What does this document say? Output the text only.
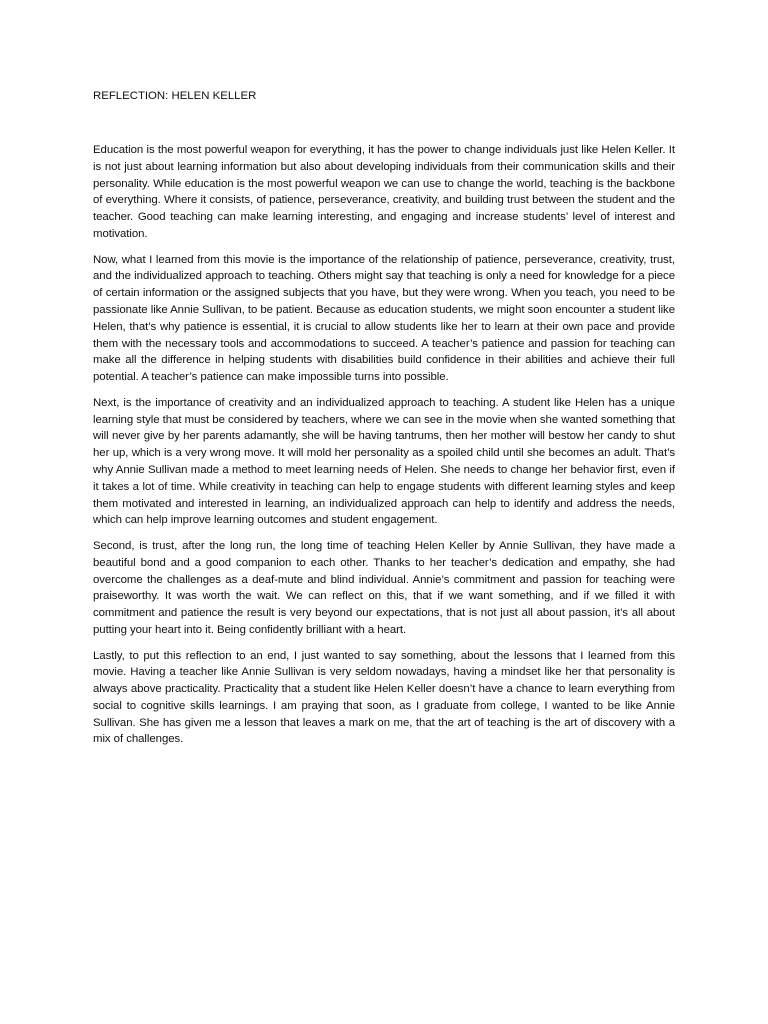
REFLECTION: HELEN KELLER

Education is the most powerful weapon for everything, it has the power to change individuals just like Helen Keller. It is not just about learning information but also about developing individuals from their communication skills and their personality. While education is the most powerful weapon we can use to change the world, teaching is the backbone of everything. Where it consists, of patience, perseverance, creativity, and building trust between the student and the teacher. Good teaching can make learning interesting, and engaging and increase students’ level of interest and motivation.

Now, what I learned from this movie is the importance of the relationship of patience, perseverance, creativity, trust, and the individualized approach to teaching. Others might say that teaching is only a need for knowledge for a piece of certain information or the assigned subjects that you have, but they were wrong. When you teach, you need to be passionate like Annie Sullivan, to be patient. Because as education students, we might soon encounter a student like Helen, that’s why patience is essential, it is crucial to allow students like her to learn at their own pace and provide them with the necessary tools and accommodations to succeed. A teacher’s patience and passion for teaching can make all the difference in helping students with disabilities build confidence in their abilities and achieve their full potential. A teacher’s patience can make impossible turns into possible.

Next, is the importance of creativity and an individualized approach to teaching. A student like Helen has a unique learning style that must be considered by teachers, where we can see in the movie when she wanted something that will never give by her parents adamantly, she will be having tantrums, then her mother will bestow her candy to shut her up, which is a very wrong move. It will mold her personality as a spoiled child until she becomes an adult. That’s why Annie Sullivan made a method to meet learning needs of Helen. She needs to change her behavior first, even if it takes a lot of time. While creativity in teaching can help to engage students with different learning styles and keep them motivated and interested in learning, an individualized approach can help to identify and address the needs, which can help improve learning outcomes and student engagement.

Second, is trust, after the long run, the long time of teaching Helen Keller by Annie Sullivan, they have made a beautiful bond and a good companion to each other. Thanks to her teacher’s dedication and empathy, she had overcome the challenges as a deaf-mute and blind individual. Annie’s commitment and passion for teaching were praiseworthy. It was worth the wait. We can reflect on this, that if we want something, and if we filled it with commitment and patience the result is very beyond our expectations, that is not just all about passion, it’s all about putting your heart into it. Being confidently brilliant with a heart.

Lastly, to put this reflection to an end, I just wanted to say something, about the lessons that I learned from this movie. Having a teacher like Annie Sullivan is very seldom nowadays, having a mindset like her that personality is always above practicality. Practicality that a student like Helen Keller doesn’t have a chance to learn everything from social to cognitive skills learnings. I am praying that soon, as I graduate from college, I wanted to be like Annie Sullivan. She has given me a lesson that leaves a mark on me, that the art of teaching is the art of discovery with a mix of challenges.
